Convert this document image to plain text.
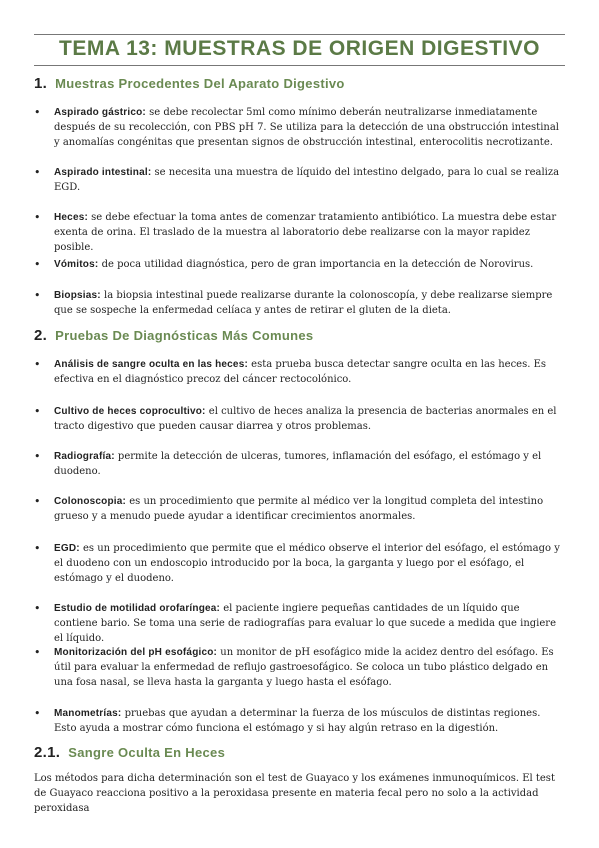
TEMA 13: MUESTRAS DE ORIGEN DIGESTIVO
1. Muestras Procedentes Del Aparato Digestivo
• Aspirado gástrico: se debe recolectar 5ml como mínimo deberán neutralizarse inmediatamente después de su recolección, con PBS pH 7. Se utiliza para la detección de una obstrucción intestinal y anomalías congénitas que presentan signos de obstrucción intestinal, enterocolitis necrotizante.
• Aspirado intestinal: se necesita una muestra de líquido del intestino delgado, para lo cual se realiza EGD.
• Heces: se debe efectuar la toma antes de comenzar tratamiento antibiótico. La muestra debe estar exenta de orina. El traslado de la muestra al laboratorio debe realizarse con la mayor rapidez posible.
• Vómitos: de poca utilidad diagnóstica, pero de gran importancia en la detección de Norovirus.
• Biopsias: la biopsia intestinal puede realizarse durante la colonoscopía, y debe realizarse siempre que se sospeche la enfermedad celíaca y antes de retirar el gluten de la dieta.
2. Pruebas De Diagnósticas Más Comunes
• Análisis de sangre oculta en las heces: esta prueba busca detectar sangre oculta en las heces. Es efectiva en el diagnóstico precoz del cáncer rectocolónico.
• Cultivo de heces coprocultivo: el cultivo de heces analiza la presencia de bacterias anormales en el tracto digestivo que pueden causar diarrea y otros problemas.
• Radiografía: permite la detección de ulceras, tumores, inflamación del esófago, el estómago y el duodeno.
• Colonoscopia: es un procedimiento que permite al médico ver la longitud completa del intestino grueso y a menudo puede ayudar a identificar crecimientos anormales.
• EGD: es un procedimiento que permite que el médico observe el interior del esófago, el estómago y el duodeno con un endoscopio introducido por la boca, la garganta y luego por el esófago, el estómago y el duodeno.
• Estudio de motilidad orofaríngea: el paciente ingiere pequeñas cantidades de un líquido que contiene bario. Se toma una serie de radiografías para evaluar lo que sucede a medida que ingiere el líquido.
• Monitorización del pH esofágico: un monitor de pH esofágico mide la acidez dentro del esófago. Es útil para evaluar la enfermedad de reflujo gastroesofágico. Se coloca un tubo plástico delgado en una fosa nasal, se lleva hasta la garganta y luego hasta el esófago.
• Manometrías: pruebas que ayudan a determinar la fuerza de los músculos de distintas regiones. Esto ayuda a mostrar cómo funciona el estómago y si hay algún retraso en la digestión.
2.1. Sangre Oculta En Heces
Los métodos para dicha determinación son el test de Guayaco y los exámenes inmunoquímicos. El test de Guayaco reacciona positivo a la peroxidasa presente en materia fecal pero no solo a la actividad peroxidasa
